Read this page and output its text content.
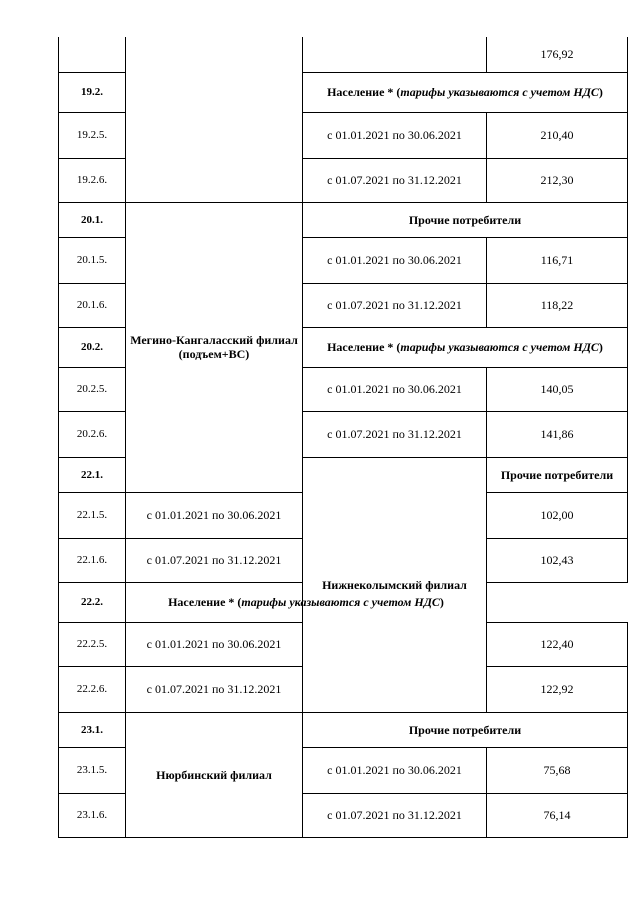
			176,92
19.2.		Население * (тарифы указываются с учетом НДС)	
19.2.5.		с 01.01.2021 по 30.06.2021	210,40
19.2.6.		с 01.07.2021 по 31.12.2021	212,30
20.1.	Мегино-Кангаласский филиал (подъем+ВС)	Прочие потребители	
20.1.5.		с 01.01.2021 по 30.06.2021	116,71
20.1.6.		с 01.07.2021 по 31.12.2021	118,22
20.2.		Население * (тарифы указываются с учетом НДС)	
20.2.5.		с 01.01.2021 по 30.06.2021	140,05
20.2.6.		с 01.07.2021 по 31.12.2021	141,86
22.1.		Нижнеколымский филиал	Прочие потребители
22.1.5.	с 01.01.2021 по 30.06.2021		102,00
22.1.6.	с 01.07.2021 по 31.12.2021		102,43
22.2.	Население * (тарифы указываются с учетом НДС)		
22.2.5.	с 01.01.2021 по 30.06.2021		122,40
22.2.6.	с 01.07.2021 по 31.12.2021		122,92
23.1.	Нюрбинский филиал	Прочие потребители	
23.1.5.		с 01.01.2021 по 30.06.2021	75,68
23.1.6.		с 01.07.2021 по 31.12.2021	76,14
